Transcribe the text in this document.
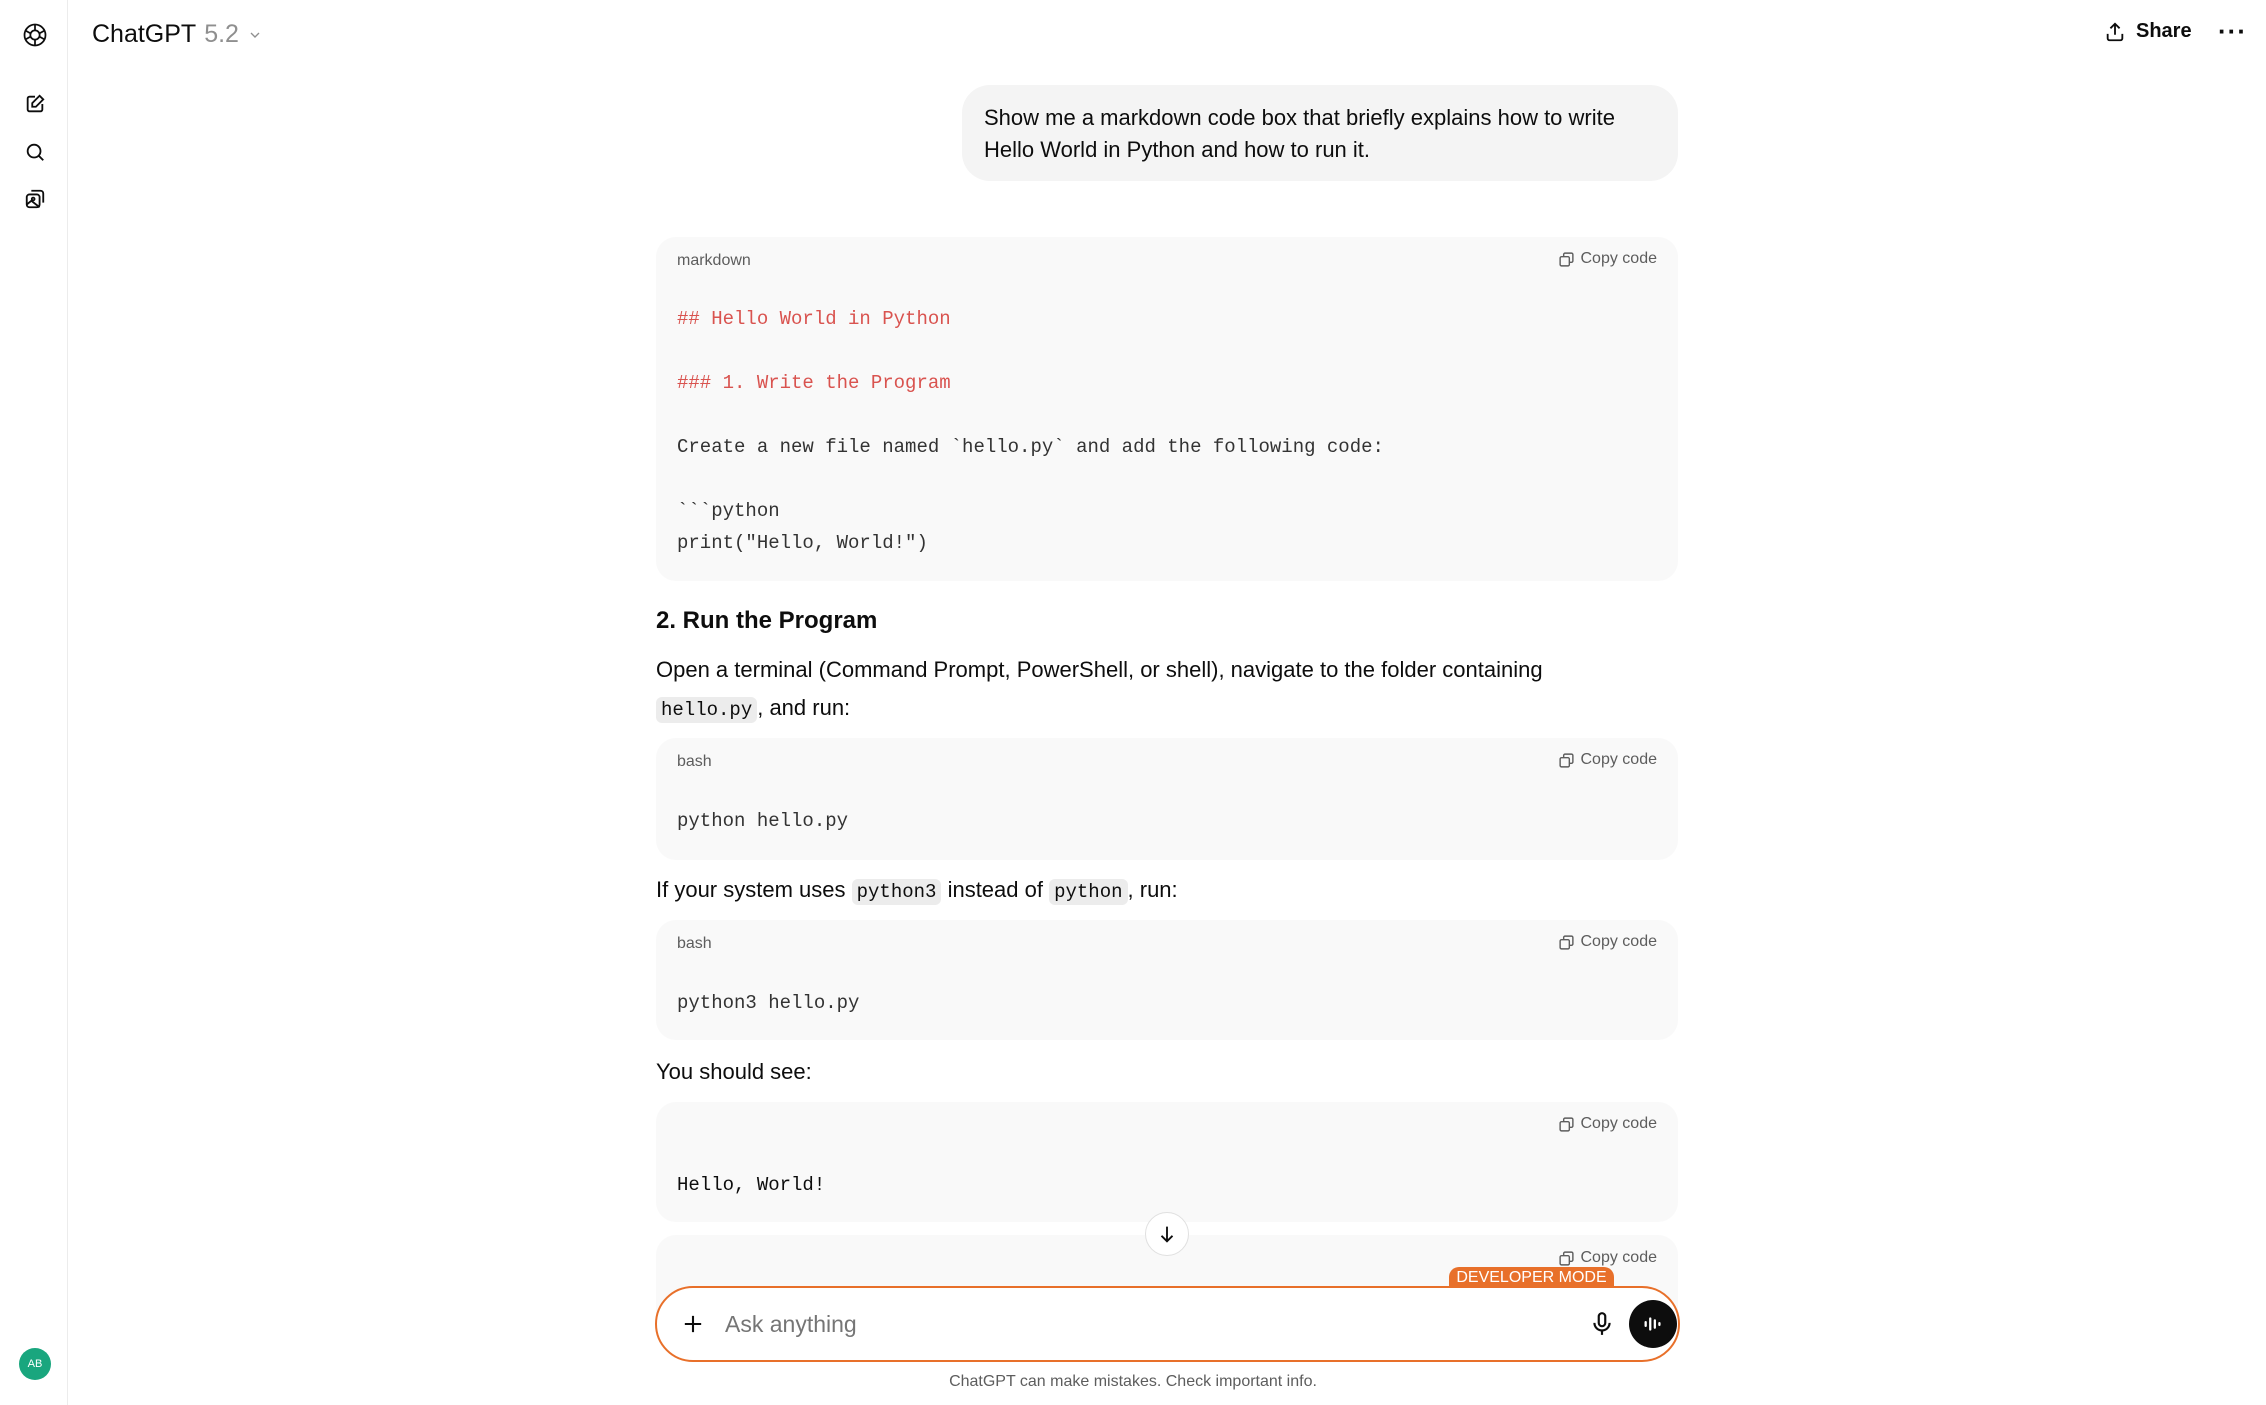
AB
ChatGPT 5.2	Share ···
Show me a markdown code box that briefly explains how to write Hello World in Python and how to run it.
markdown	Copy code
## Hello World in Python
### 1. Write the Program
Create a new file named `hello.py` and add the following code:
```python
print("Hello, World!")
2. Run the Program
Open a terminal (Command Prompt, PowerShell, or shell), navigate to the folder containing
hello.py , and run:
bash	Copy code
python hello.py
If your system uses python3 instead of python , run:
bash	Copy code
python3 hello.py
You should see:
Copy code
Hello, World!
Copy code
DEVELOPER MODE
Ask anything
ChatGPT can make mistakes. Check important info.
